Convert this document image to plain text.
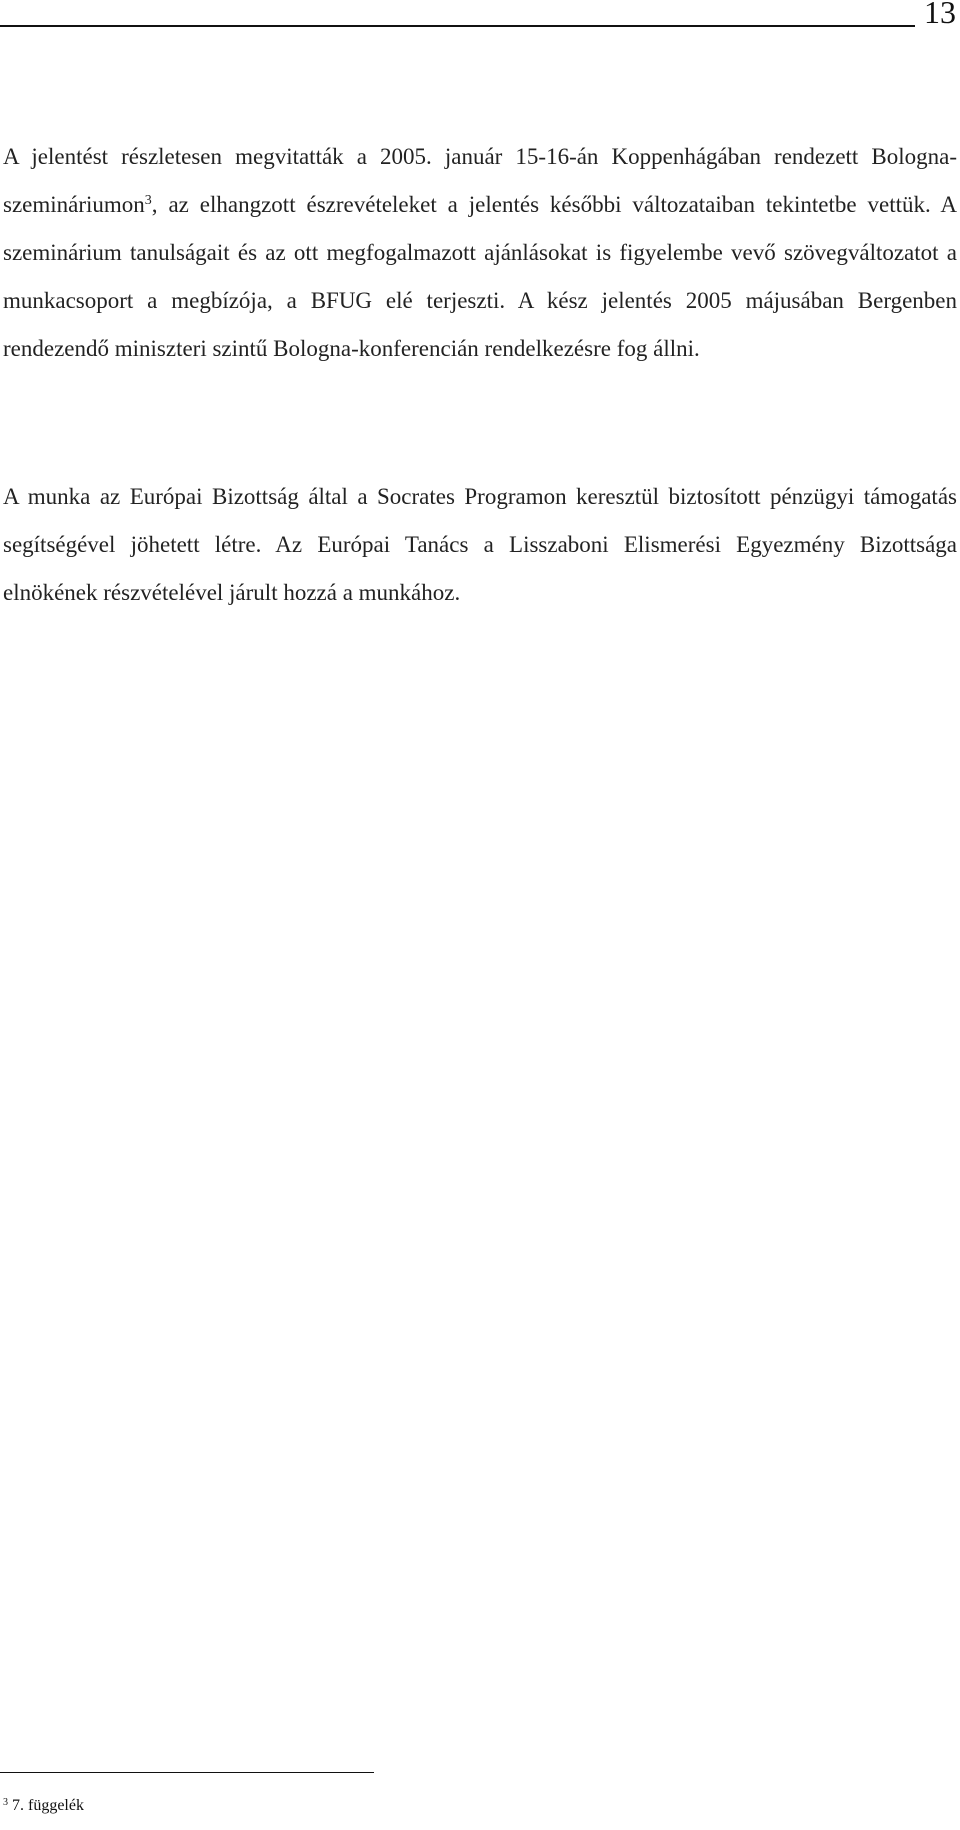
13

A jelentést részletesen megvitatták a 2005. január 15-16-án Koppenhágában rendezett Bologna-szemináriumon$^3$, az elhangzott észrevételeket a jelentés későbbi változataiban tekintetbe vettük. A szeminárium tanulságait és az ott megfogalmazott ajánlásokat is figyelembe vevő szövegváltozatot a munkacsoport a megbízója, a BFUG elé terjeszti. A kész jelentés 2005 májusában Bergenben rendezendő miniszteri szintű Bologna-konferencián rendelkezésre fog állni.

A munka az Európai Bizottság által a Socrates Programon keresztül biztosított pénzügyi támogatás segítségével jöhetett létre. Az Európai Tanács a Lisszaboni Elismerési Egyezmény Bizottsága elnökének részvételével járult hozzá a munkához.

$^3$ 7. függelék
